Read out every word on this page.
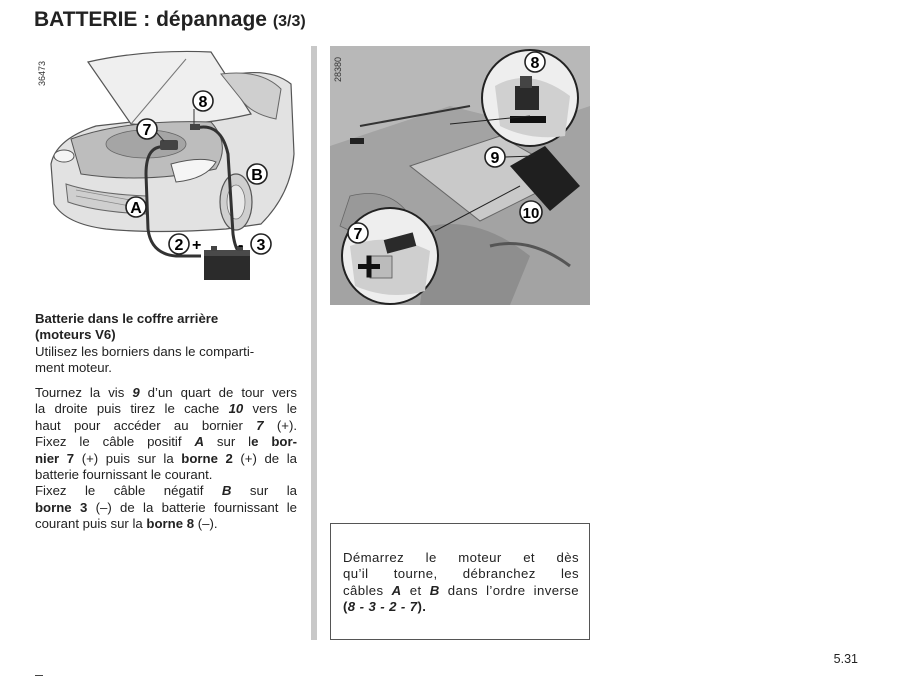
BATTERIE : dépannage (3/3)
8
7
B
A
2 + - 3
36473	8
9
10
7
28380
Batterie dans le coffre arrière
(moteurs V6)
Utilisez les borniers dans le comparti-
ment moteur.
Tournez la vis 9 d’un quart de tour vers
la droite puis tirez le cache 10 vers le
haut pour accéder au bornier 7 (+).
Fixez le câble positif A sur le bor-
nier 7 (+) puis sur la borne 2 (+) de la
batterie fournissant le courant.
Fixez le câble négatif B sur la
borne 3 (–) de la batterie fournissant le
courant puis sur la borne 8 (–).
Démarrez le moteur et dès
qu’il tourne, débranchez les
câbles A et B dans l’ordre inverse
(8 - 3 - 2 - 7).
5.31
